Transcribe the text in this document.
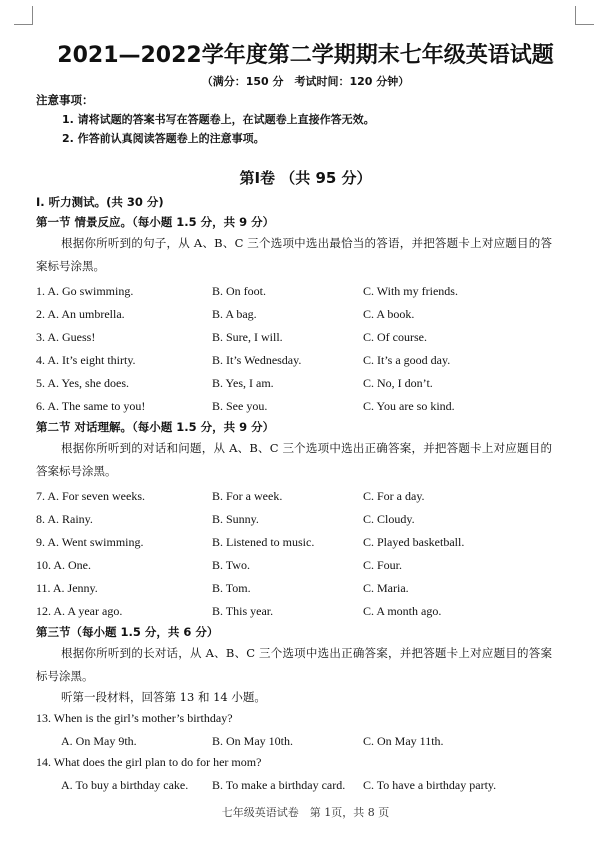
2021—2022学年度第二学期期末七年级英语试题
（满分：150 分　考试时间：120 分钟）
注意事项：
1. 请将试题的答案书写在答题卷上，在试题卷上直接作答无效。
2. 作答前认真阅读答题卷上的注意事项。
第Ⅰ卷 （共 95 分）
Ⅰ. 听力测试。(共 30 分)
第一节 情景反应。（每小题 1.5 分，共 9 分）
根据你所听到的句子，从 A、B、C 三个选项中选出最恰当的答语，并把答题卡上对应题目的答案标号涂黑。
1. A. Go swimming.	B. On foot.	C. With my friends.
2. A. An umbrella.	B. A bag.	C. A book.
3. A. Guess!	B. Sure, I will.	C. Of course.
4. A. It’s eight thirty.	B. It’s Wednesday.	C. It’s a good day.
5. A. Yes, she does.	B. Yes, I am.	C. No, I don’t.
6. A. The same to you!	B. See you.	C. You are so kind.
第二节 对话理解。（每小题 1.5 分，共 9 分）
根据你所听到的对话和问题，从 A、B、C 三个选项中选出正确答案，并把答题卡上对应题目的答案标号涂黑。
7. A. For seven weeks.	B. For a week.	C. For a day.
8. A. Rainy.	B. Sunny.	C. Cloudy.
9. A. Went swimming.	B. Listened to music.	C. Played basketball.
10. A. One.	B. Two.	C. Four.
11. A. Jenny.	B. Tom.	C. Maria.
12. A. A year ago.	B. This year.	C. A month ago.
第三节（每小题 1.5 分，共 6 分）
根据你所听到的长对话，从 A、B、C 三个选项中选出正确答案，并把答题卡上对应题目的答案标号涂黑。
听第一段材料，回答第 13 和 14 小题。
13. When is the girl’s mother’s birthday?
A. On May 9th.	B. On May 10th.	C. On May 11th.
14. What does the girl plan to do for her mom?
A. To buy a birthday cake. B. To make a birthday card. C. To have a birthday party.
七年级英语试卷　第 1页，共 8 页
